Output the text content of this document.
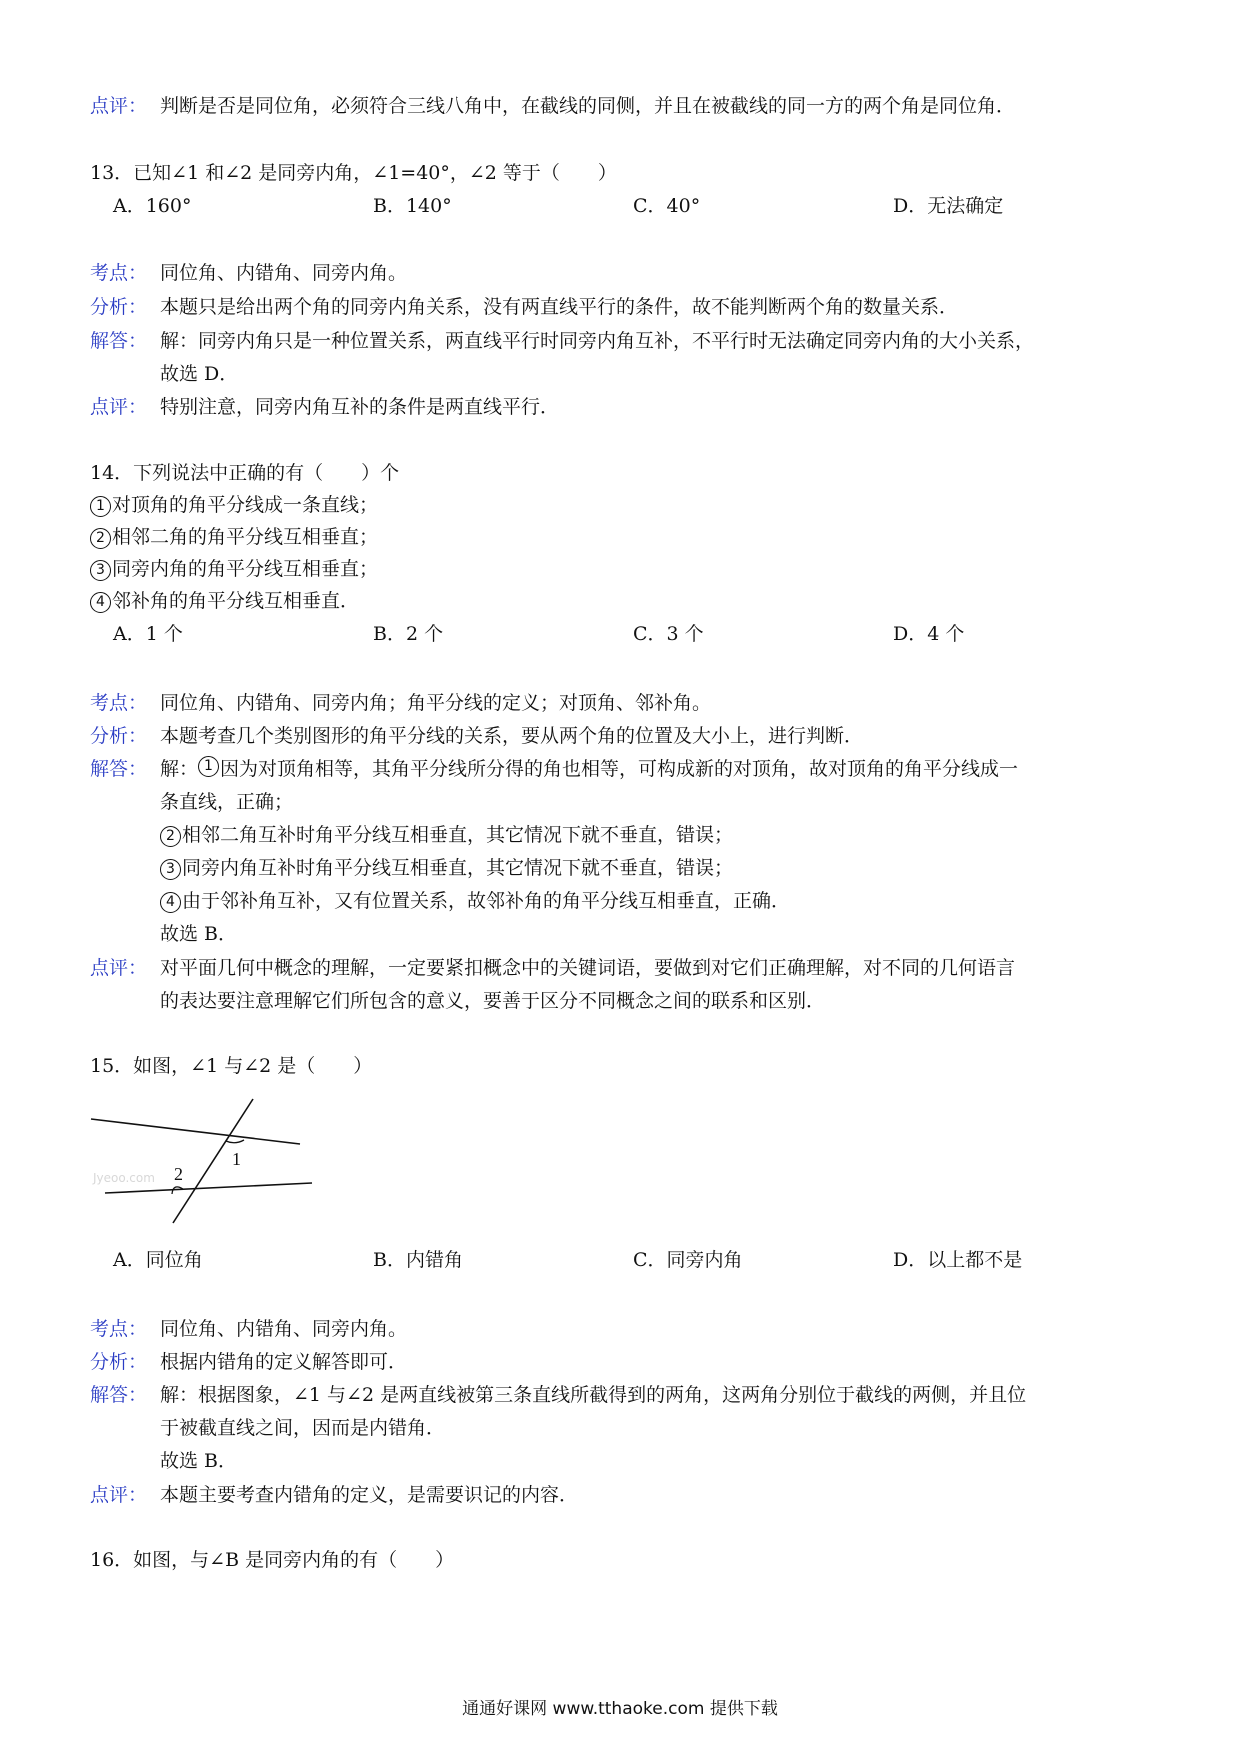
点评： 判断是否是同位角，必须符合三线八角中，在截线的同侧，并且在被截线的同一方的两个角是同位角．
13．已知∠1 和∠2 是同旁内角，∠1=40°，∠2 等于（　　）
A．160°	B．140°	C．40°	D．无法确定
考点： 同位角、内错角、同旁内角。
分析： 本题只是给出两个角的同旁内角关系，没有两直线平行的条件，故不能判断两个角的数量关系．
解答： 解：同旁内角只是一种位置关系，两直线平行时同旁内角互补，不平行时无法确定同旁内角的大小关系，
故选 D．
点评： 特别注意，同旁内角互补的条件是两直线平行．
14．下列说法中正确的有（　　）个
1 对顶角的角平分线成一条直线；
2 相邻二角的角平分线互相垂直；
3 同旁内角的角平分线互相垂直；
4 邻补角的角平分线互相垂直．
A．1 个	B．2 个	C．3 个	D．4 个
考点： 同位角、内错角、同旁内角；角平分线的定义；对顶角、邻补角。
分析： 本题考查几个类别图形的角平分线的关系，要从两个角的位置及大小上，进行判断．
解答： 解： 1 因为对顶角相等，其角平分线所分得的角也相等，可构成新的对顶角，故对顶角的角平分线成一
条直线，正确；
2 相邻二角互补时角平分线互相垂直，其它情况下就不垂直，错误；
3 同旁内角互补时角平分线互相垂直，其它情况下就不垂直，错误；
4 由于邻补角互补，又有位置关系，故邻补角的角平分线互相垂直，正确．
故选 B．
点评： 对平面几何中概念的理解，一定要紧扣概念中的关键词语，要做到对它们正确理解，对不同的几何语言
的表达要注意理解它们所包含的意义，要善于区分不同概念之间的联系和区别．
15．如图，∠1 与∠2 是（　　）
Jyeoo.com
1
2
A．同位角	B．内错角	C．同旁内角	D．以上都不是
考点： 同位角、内错角、同旁内角。
分析： 根据内错角的定义解答即可．
解答： 解：根据图象，∠1 与∠2 是两直线被第三条直线所截得到的两角，这两角分别位于截线的两侧，并且位
于被截直线之间，因而是内错角．
故选 B．
点评： 本题主要考查内错角的定义，是需要识记的内容．
16．如图，与∠B 是同旁内角的有（　　）
通通好课网 www.tthaoke.com 提供下载
